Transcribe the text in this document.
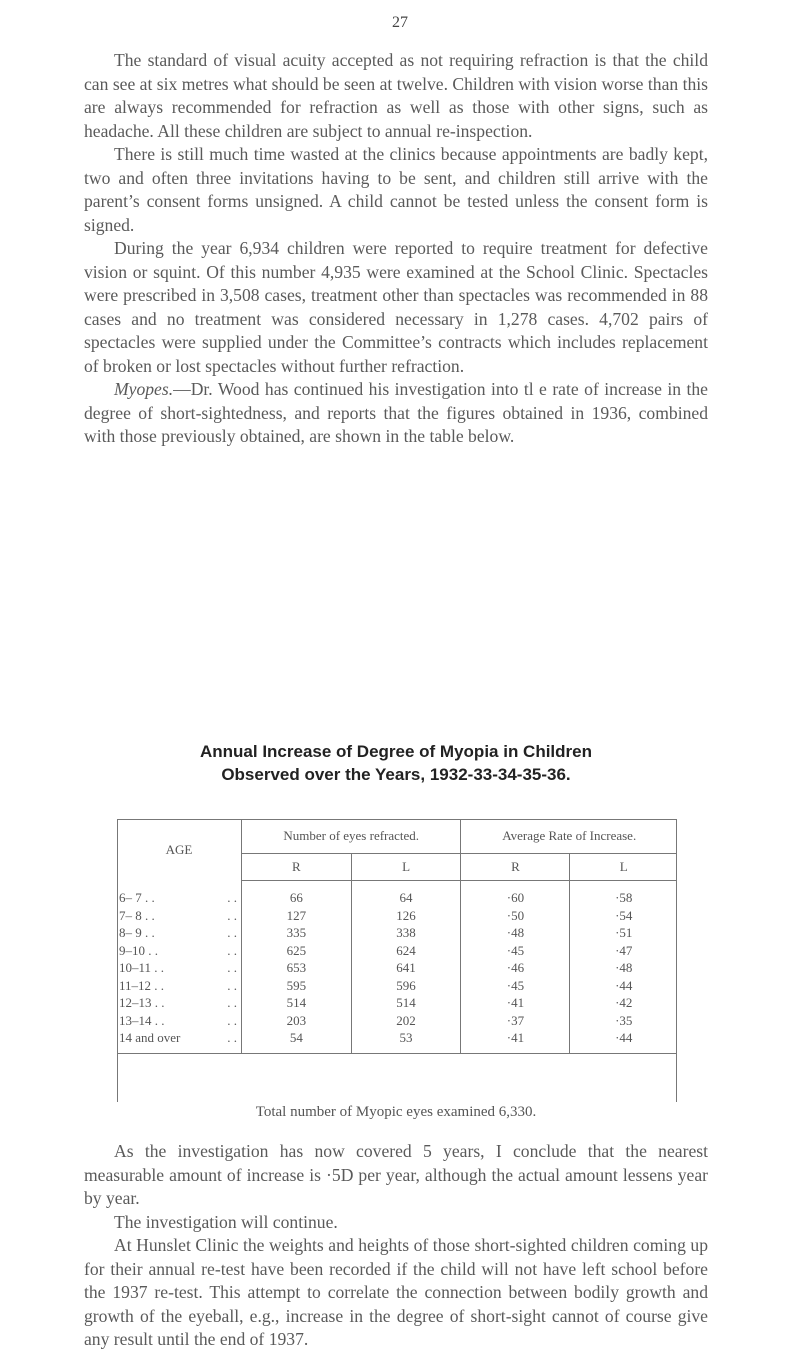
27

The standard of visual acuity accepted as not requiring refraction is that the child can see at six metres what should be seen at twelve. Children with vision worse than this are always recommended for refraction as well as those with other signs, such as headache. All these children are subject to annual re-inspection.

There is still much time wasted at the clinics because appointments are badly kept, two and often three invitations having to be sent, and children still arrive with the parent’s consent forms unsigned. A child cannot be tested unless the consent form is signed.

During the year 6,934 children were reported to require treatment for defective vision or squint. Of this number 4,935 were examined at the School Clinic. Spectacles were prescribed in 3,508 cases, treatment other than spectacles was recommended in 88 cases and no treatment was considered necessary in 1,278 cases. 4,702 pairs of spectacles were supplied under the Committee’s contracts which includes replacement of broken or lost spectacles without further refraction.

Myopes.—Dr. Wood has continued his investigation into tl e rate of increase in the degree of short-sightedness, and reports that the figures obtained in 1936, combined with those previously obtained, are shown in the table below.

Annual Increase of Degree of Myopia in Children
Observed over the Years, 1932-33-34-35-36.
AGE	Number of eyes refracted.		Average Rate of Increase.	
	R	L	R	L
6– 7 . . . .	66	64	·60	·58
7– 8 . . . .	127	126	·50	·54
8– 9 . . . .	335	338	·48	·51
9–10 . . . .	625	624	·45	·47
10–11 . . . .	653	641	·46	·48
11–12 . . . .	595	596	·45	·44
12–13 . . . .	514	514	·41	·42
13–14 . . . .	203	202	·37	·35
14 and over . .	54	53	·41	·44
Total number of Myopic eyes examined 6,330.

As the investigation has now covered 5 years, I conclude that the nearest measurable amount of increase is ·5D per year, although the actual amount lessens year by year.

The investigation will continue.

At Hunslet Clinic the weights and heights of those short-sighted children coming up for their annual re-test have been recorded if the child will not have left school before the 1937 re-test. This attempt to correlate the connection between bodily growth and growth of the eyeball, e.g., increase in the degree of short-sight cannot of course give any result until the end of 1937.
